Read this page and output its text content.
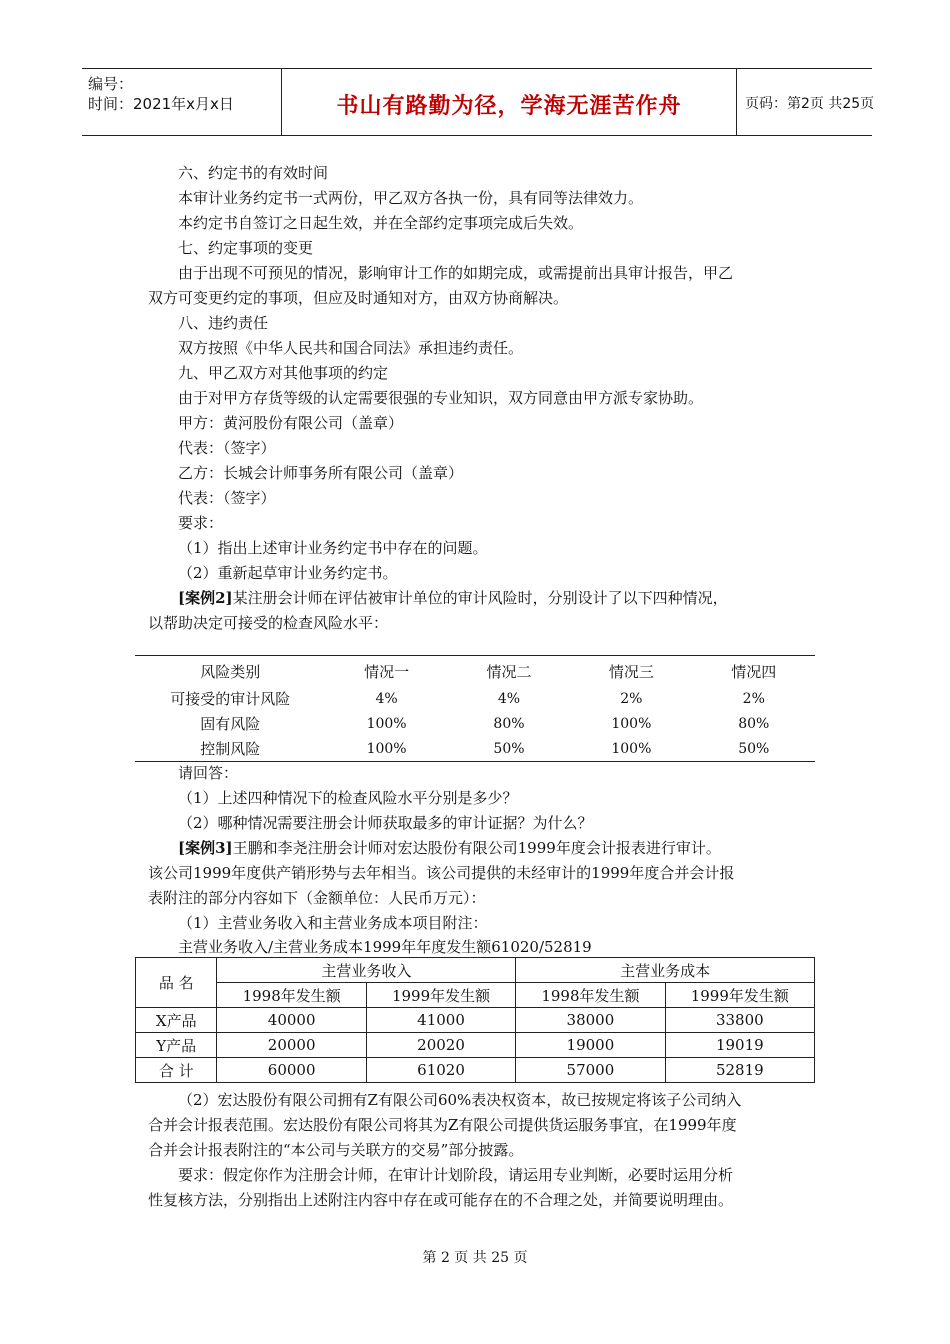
编号：
时间：2021年x月x日	书山有路勤为径，学海无涯苦作舟	页码：第2页 共25页
六、约定书的有效时间
本审计业务约定书一式两份，甲乙双方各执一份，具有同等法律效力。
本约定书自签订之日起生效，并在全部约定事项完成后失效。
七、约定事项的变更
由于出现不可预见的情况，影响审计工作的如期完成，或需提前出具审计报告，甲乙
双方可变更约定的事项，但应及时通知对方，由双方协商解决。
八、违约责任
双方按照《中华人民共和国合同法》承担违约责任。
九、甲乙双方对其他事项的约定
由于对甲方存货等级的认定需要很强的专业知识，双方同意由甲方派专家协助。
甲方：黄河股份有限公司（盖章）
代表：（签字）
乙方：长城会计师事务所有限公司（盖章）
代表：（签字）
要求：
（1）指出上述审计业务约定书中存在的问题。
（2）重新起草审计业务约定书。
[案例2]某注册会计师在评估被审计单位的审计风险时，分别设计了以下四种情况，
以帮助决定可接受的检查风险水平：
风险类别	情况一	情况二	情况三	情况四
可接受的审计风险	4%	4%	2%	2%
固有风险	100%	80%	100%	80%
控制风险	100%	50%	100%	50%
请回答：
（1）上述四种情况下的检查风险水平分别是多少？
（2）哪种情况需要注册会计师获取最多的审计证据？为什么？
[案例3]王鹏和李尧注册会计师对宏达股份有限公司1999年度会计报表进行审计。
该公司1999年度供产销形势与去年相当。该公司提供的未经审计的1999年度合并会计报
表附注的部分内容如下（金额单位：人民币万元）：
（1）主营业务收入和主营业务成本项目附注：
主营业务收入/主营业务成本1999年年度发生额61020/52819
品 名	主营业务收入		主营业务成本	
	1998年发生额	1999年发生额	1998年发生额	1999年发生额
X产品	40000	41000	38000	33800
Y产品	20000	20020	19000	19019
合 计	60000	61020	57000	52819
（2）宏达股份有限公司拥有Z有限公司60%表决权资本，故已按规定将该子公司纳入
合并会计报表范围。宏达股份有限公司将其为Z有限公司提供货运服务事宜，在1999年度
合并会计报表附注的“本公司与关联方的交易”部分披露。
要求：假定你作为注册会计师，在审计计划阶段，请运用专业判断，必要时运用分析
性复核方法，分别指出上述附注内容中存在或可能存在的不合理之处，并简要说明理由。
第 2 页 共 25 页
